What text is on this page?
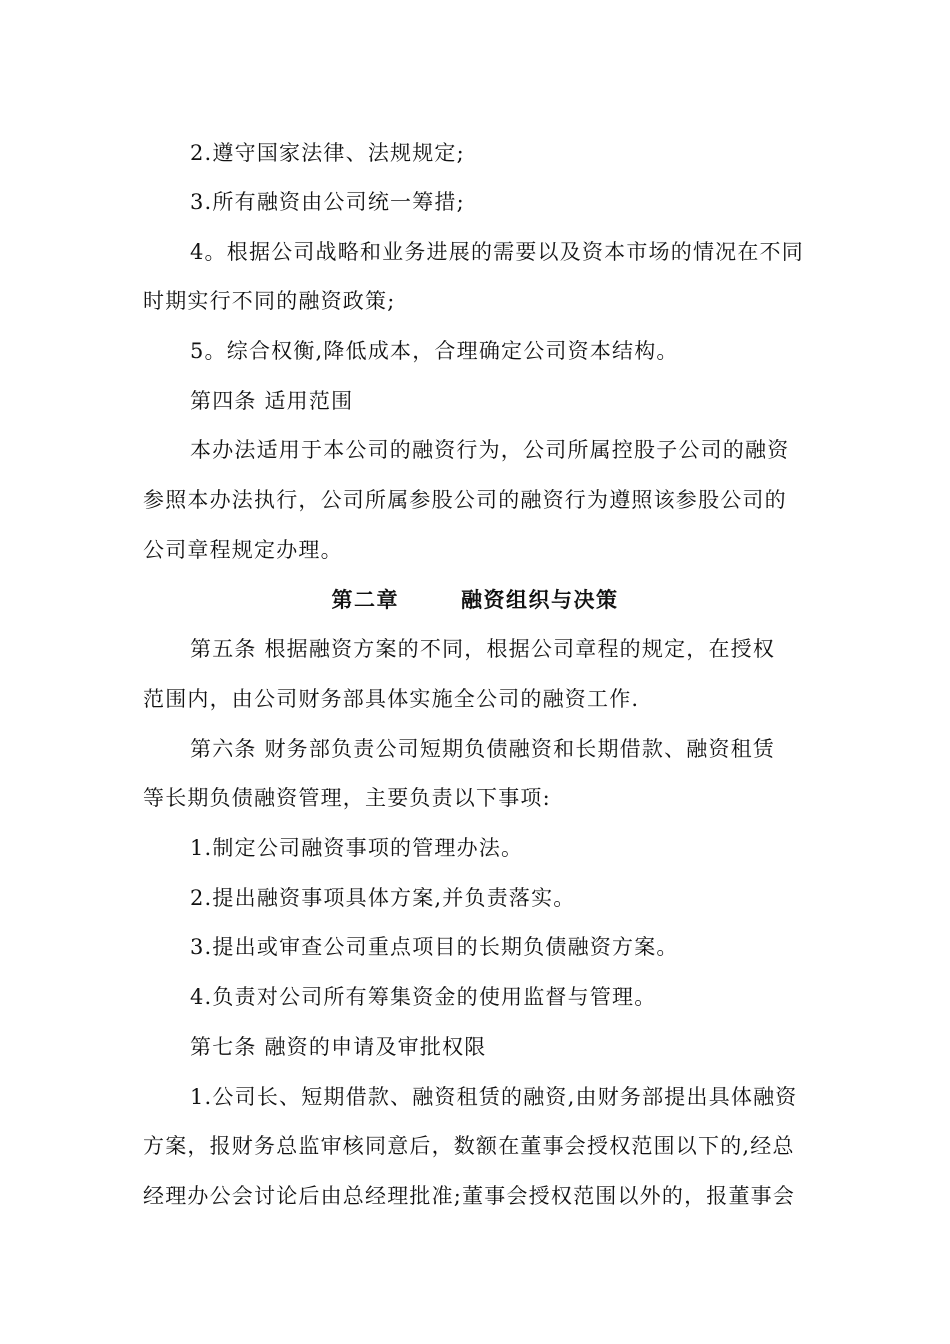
2.遵守国家法律、法规规定;
3.所有融资由公司统一筹措;
4。根据公司战略和业务进展的需要以及资本市场的情况在不同
时期实行不同的融资政策;
5。综合权衡,降低成本，合理确定公司资本结构。
第四条 适用范围
本办法适用于本公司的融资行为，公司所属控股子公司的融资
参照本办法执行，公司所属参股公司的融资行为遵照该参股公司的
公司章程规定办理。
第二章	融资组织与决策
第五条 根据融资方案的不同，根据公司章程的规定，在授权
范围内，由公司财务部具体实施全公司的融资工作.
第六条 财务部负责公司短期负债融资和长期借款、融资租赁
等长期负债融资管理，主要负责以下事项:
1.制定公司融资事项的管理办法。
2.提出融资事项具体方案,并负责落实。
3.提出或审查公司重点项目的长期负债融资方案。
4.负责对公司所有筹集资金的使用监督与管理。
第七条 融资的申请及审批权限
1.公司长、短期借款、融资租赁的融资,由财务部提出具体融资
方案，报财务总监审核同意后，数额在董事会授权范围以下的,经总
经理办公会讨论后由总经理批准;董事会授权范围以外的，报董事会
